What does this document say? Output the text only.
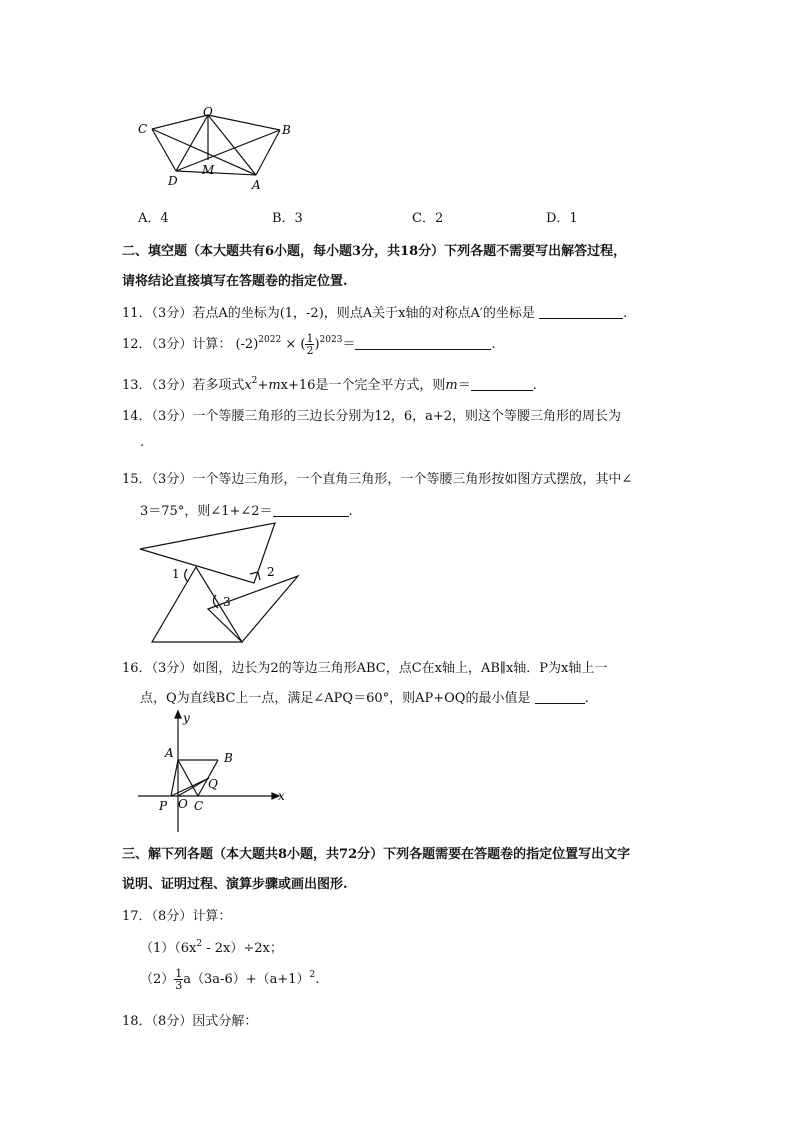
O
C	B
D
M
A
A．4	B．3	C．2	D．1
二、填空题（本大题共有6小题，每小题3分，共18分）下列各题不需要写出解答过程，
请将结论直接填写在答题卷的指定位置.
11．（3分）若点A的坐标为(1，-2)，则点A关于x轴的对称点A′的坐标是	.
12．（3分）计算： $(-2)^{2022}$ × ( $\frac{1}{2} )^{2023}=$	.
13．（3分）若多项式$x^2+mx+16$是一个完全平方式，则m＝	.
14．（3分）一个等腰三角形的三边长分别为12，6，a+2，则这个等腰三角形的周长为
.
15．（3分）一个等边三角形，一个直角三角形，一个等腰三角形按如图方式摆放，其中∠
3＝75°，则∠1+∠2＝	.
1	2
3
16．（3分）如图，边长为2的等边三角形ABC，点C在x轴上，AB∥x轴．P为x轴上一
点，Q为直线BC上一点，满足∠APQ＝60°，则AP+OQ的最小值是	.
y
x
A	B
Q
P O C
三、解下列各题（本大题共8小题，共72分）下列各题需要在答题卷的指定位置写出文字
说明、证明过程、演算步骤或画出图形.
17．（8分）计算：
$(1)(6x^2 - 2x)\div 2x$；
$(2) \frac{1}{3} a(3a-6)+(a+1)^2$.
18．（8分）因式分解：
